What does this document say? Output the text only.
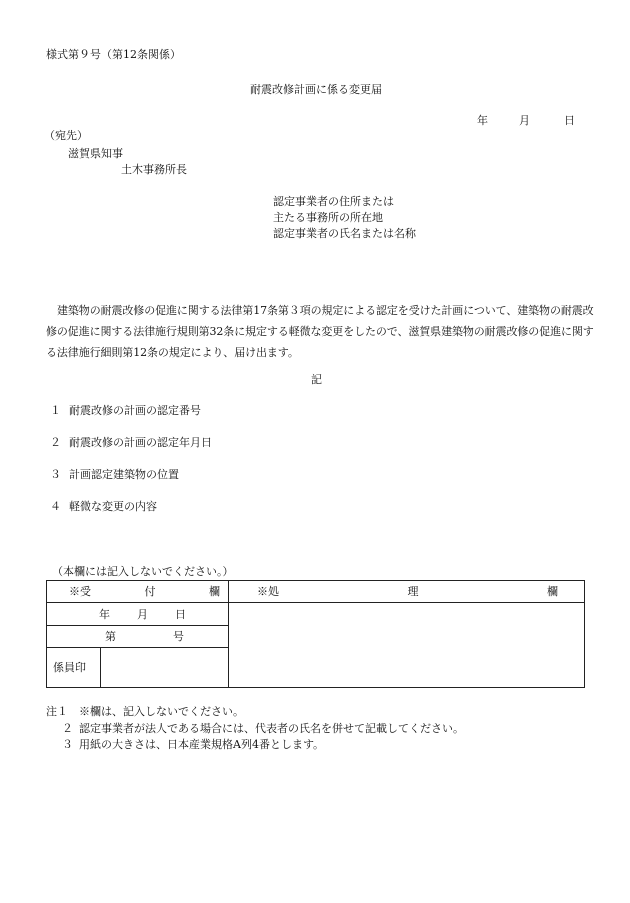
様式第９号（第12条関係）
耐震改修計画に係る変更届
年	月	日
（宛先）
滋賀県知事
土木事務所長
認定事業者の住所または
主たる事務所の所在地
認定事業者の氏名または名称
建築物の耐震改修の促進に関する法律第17条第３項の規定による認定を受けた計画について、建築物の耐震改
修の促進に関する法律施行規則第32条に規定する軽微な変更をしたので、滋賀県建築物の耐震改修の促進に関す
る法律施行細則第12条の規定により、届け出ます。
記
１ 耐震改修の計画の認定番号
２ 耐震改修の計画の認定年月日
３ 計画認定建築物の位置
４ 軽微な変更の内容
（本欄には記入しないでください。）
※受 付 欄		※処 理 欄

年 月 日		

第 号		

係員印		
注１ ※欄は、記入しないでください。
２ 認定事業者が法人である場合には、代表者の氏名を併せて記載してください。
３ 用紙の大きさは、日本産業規格A列4番とします。
